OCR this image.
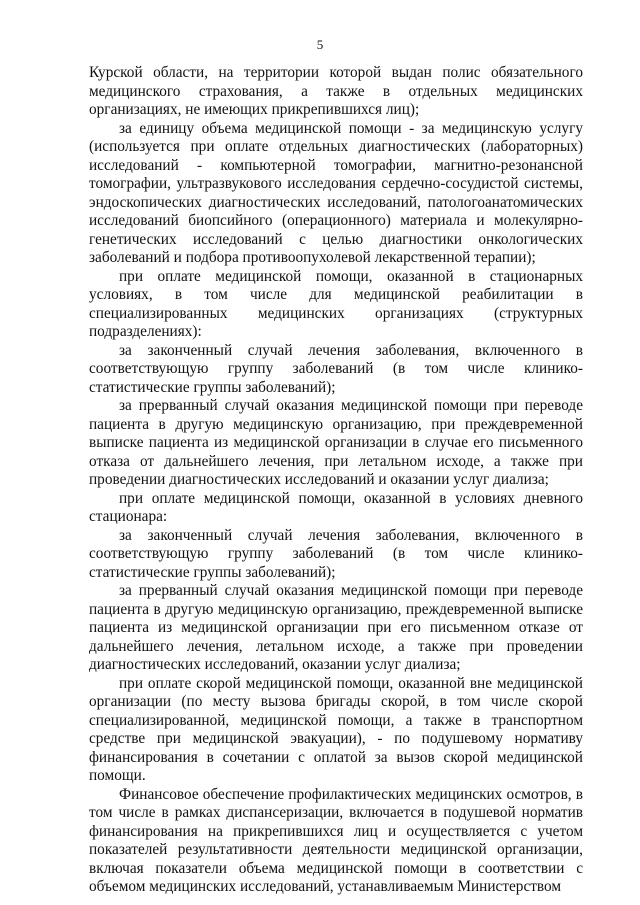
5

Курской области, на территории которой выдан полис обязательного медицинского страхования, а также в отдельных медицинских организациях, не имеющих прикрепившихся лиц);

за единицу объема медицинской помощи - за медицинскую услугу (используется при оплате отдельных диагностических (лабораторных) исследований - компьютерной томографии, магнитно-резонансной томографии, ультразвукового исследования сердечно-сосудистой системы, эндоскопических диагностических исследований, патологоанатомических исследований биопсийного (операционного) материала и молекулярно-генетических исследований с целью диагностики онкологических заболеваний и подбора противоопухолевой лекарственной терапии);

при оплате медицинской помощи, оказанной в стационарных условиях, в том числе для медицинской реабилитации в специализированных медицинских организациях (структурных подразделениях):

за законченный случай лечения заболевания, включенного в соответствующую группу заболеваний (в том числе клинико-статистические группы заболеваний);

за прерванный случай оказания медицинской помощи при переводе пациента в другую медицинскую организацию, при преждевременной выписке пациента из медицинской организации в случае его письменного отказа от дальнейшего лечения, при летальном исходе, а также при проведении диагностических исследований и оказании услуг диализа;

при оплате медицинской помощи, оказанной в условиях дневного стационара:

за законченный случай лечения заболевания, включенного в соответствующую группу заболеваний (в том числе клинико-статистические группы заболеваний);

за прерванный случай оказания медицинской помощи при переводе пациента в другую медицинскую организацию, преждевременной выписке пациента из медицинской организации при его письменном отказе от дальнейшего лечения, летальном исходе, а также при проведении диагностических исследований, оказании услуг диализа;

при оплате скорой медицинской помощи, оказанной вне медицинской организации (по месту вызова бригады скорой, в том числе скорой специализированной, медицинской помощи, а также в транспортном средстве при медицинской эвакуации), - по подушевому нормативу финансирования в сочетании с оплатой за вызов скорой медицинской помощи.

Финансовое обеспечение профилактических медицинских осмотров, в том числе в рамках диспансеризации, включается в подушевой норматив финансирования на прикрепившихся лиц и осуществляется с учетом показателей результативности деятельности медицинской организации, включая показатели объема медицинской помощи в соответствии с объемом медицинских исследований, устанавливаемым Министерством
